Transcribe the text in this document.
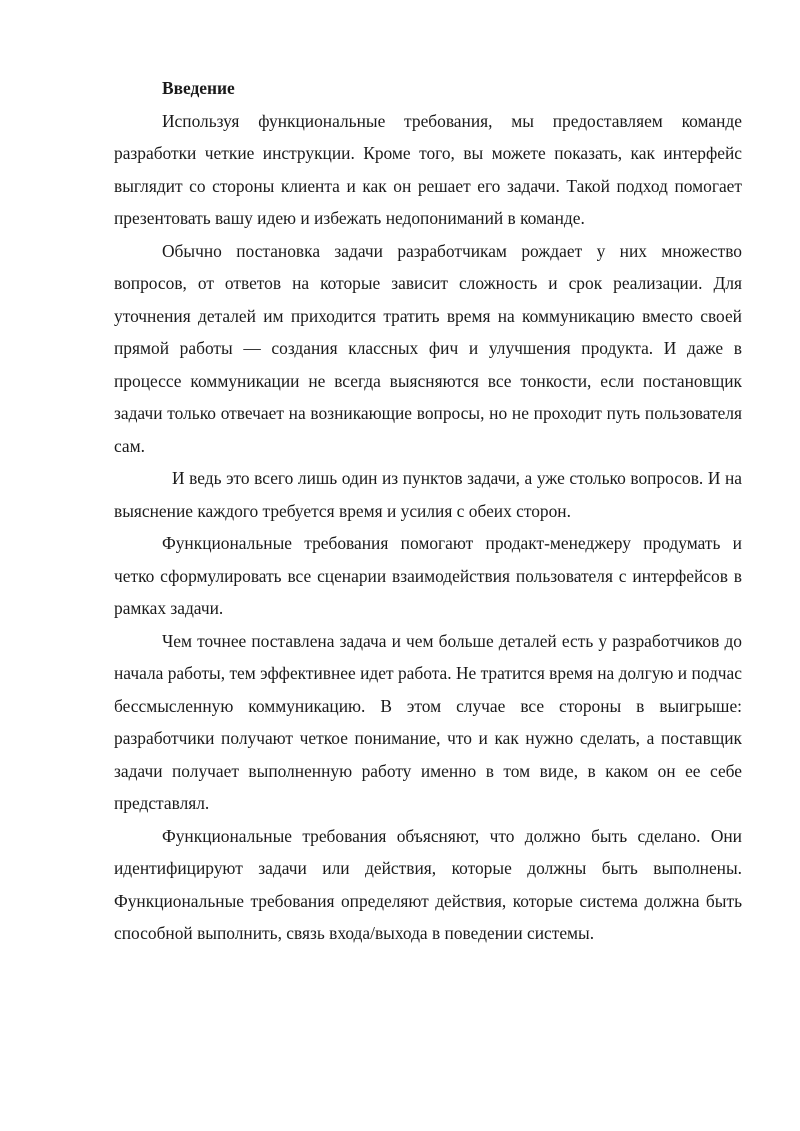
Введение

Используя функциональные требования, мы предоставляем команде разработки четкие инструкции. Кроме того, вы можете показать, как интерфейс выглядит со стороны клиента и как он решает его задачи. Такой подход помогает презентовать вашу идею и избежать недопониманий в команде.

Обычно постановка задачи разработчикам рождает у них множество вопросов, от ответов на которые зависит сложность и срок реализации. Для уточнения деталей им приходится тратить время на коммуникацию вместо своей прямой работы — создания классных фич и улучшения продукта. И даже в процессе коммуникации не всегда выясняются все тонкости, если постановщик задачи только отвечает на возникающие вопросы, но не проходит путь пользователя сам.

И ведь это всего лишь один из пунктов задачи, а уже столько вопросов. И на выяснение каждого требуется время и усилия с обеих сторон.

Функциональные требования помогают продакт-менеджеру продумать и четко сформулировать все сценарии взаимодействия пользователя с интерфейсов в рамках задачи.

Чем точнее поставлена задача и чем больше деталей есть у разработчиков до начала работы, тем эффективнее идет работа. Не тратится время на долгую и подчас бессмысленную коммуникацию. В этом случае все стороны в выигрыше: разработчики получают четкое понимание, что и как нужно сделать, а поставщик задачи получает выполненную работу именно в том виде, в каком он ее себе представлял.

Функциональные требования объясняют, что должно быть сделано. Они идентифицируют задачи или действия, которые должны быть выполнены. Функциональные требования определяют действия, которые система должна быть способной выполнить, связь входа/выхода в поведении системы.
